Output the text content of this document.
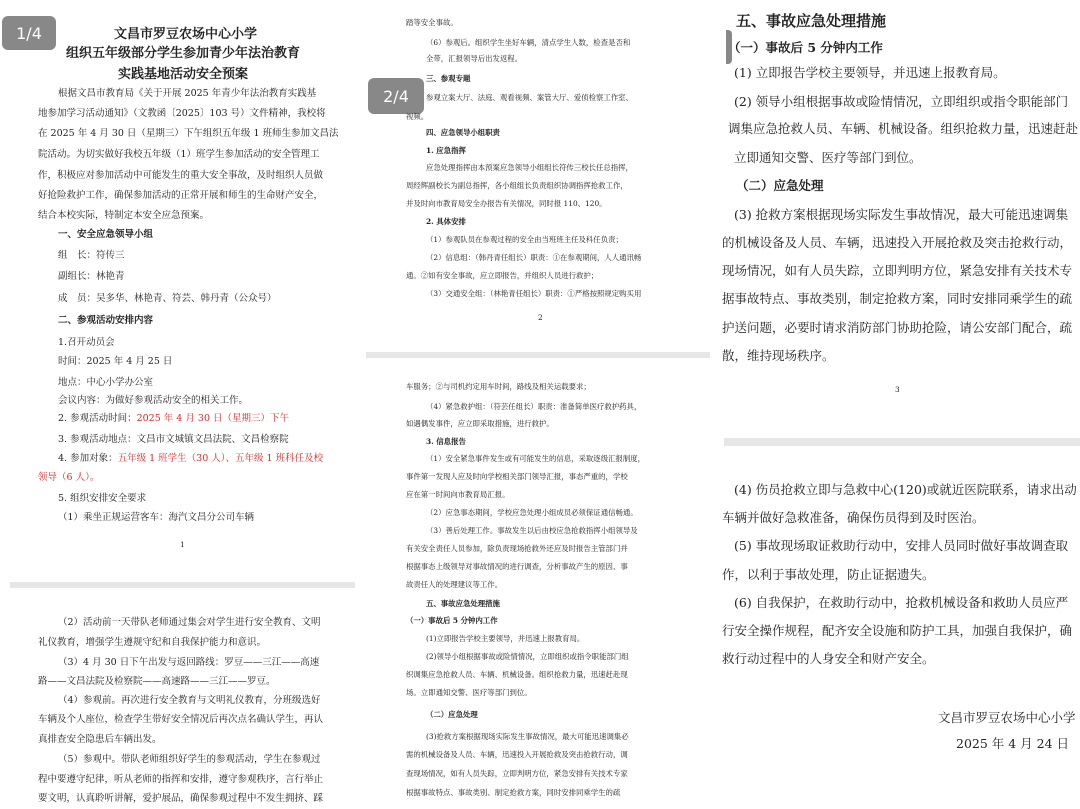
1/4	文昌市罗豆农场中心小学

组织五年级部分学生参加青少年法治教育

实践基地活动安全预案

根据文昌市教育局《关于开展 2025 年青少年法治教育实践基

地参加学习活动通知》（文教函〔2025〕103 号）文件精神，我校将

在 2025 年 4 月 30 日（星期三）下午组织五年级 1 班师生参加文昌法

院活动。为切实做好我校五年级（1）班学生参加活动的安全管理工

作，积极应对参加活动中可能发生的重大安全事故，及时组织人员做

好抢险救护工作，确保参加活动的正常开展和师生的生命财产安全，

结合本校实际，特制定本安全应急预案。

一、安全应急领导小组

组　长：符传三

副组长：林艳青

成　员：吴多华、林艳青、符芸、韩丹青（公众号）

二、参观活动安排内容

1.召开动员会

时间：2025 年 4 月 25 日

地点：中心小学办公室

会议内容：为做好参观活动安全的相关工作。

2. 参观活动时间：2025 年 4 月 30 日（星期三）下午

3. 参观活动地点：文昌市文城镇文昌法院、文昌检察院

4. 参加对象：五年级 1 班学生（30 人）、五年级 1 班科任及校

领导（6 人）。

5. 组织安排安全要求

（1）乘坐正规运营客车：海汽文昌分公司车辆

1

（2）活动前一天带队老师通过集会对学生进行安全教育、文明

礼仪教育，增强学生遵规守纪和自我保护能力和意识。

（3）4 月 30 日下午出发与返回路线：罗豆——三江——高速

路——文昌法院及检察院——高速路——三江——罗豆。

（4）参观前。再次进行安全教育与文明礼仪教育，分班级选好

车辆及个人座位，检查学生带好安全情况后再次点名确认学生，再认

真排查安全隐患后车辆出发。

（5）参观中。带队老师组织好学生的参观活动，学生在参观过

程中要遵守纪律，听从老师的指挥和安排，遵守参观秩序，言行举止

要文明，认真聆听讲解，爱护展品，确保参观过程中不发生拥挤、踩

2/4

踏等安全事故。

（6）参观后。组织学生坐好车辆，清点学生人数，检查是否和

全带，汇报领导后出发返程。

三、参观专题

参观立案大厅、法庭、观看视频、案管大厅、爱侦检察工作室、

视频。

四、应急领导小组职责

1. 应急指挥

应急处理指挥由本预案应急领导小组组长符传三校长任总指挥，

周经辉副校长为副总指挥，各小组组长负责组织协调指挥抢救工作，

并及时向市教育局安全办报告有关情况，同时报 110、120。

2. 具体安排

（1）参观队员在参观过程的安全由当班班主任及科任负责；

（2）信息组：（韩丹青任组长）职责：①在参观期间，人人通讯畅

通。②如有安全事故，应立即报告，并组织人员进行救护；

（3）交通安全组：（林艳青任组长）职责：①严格按照规定购买用

2

车服务；②与司机约定用车时间，路线及相关运载要求；

（4）紧急救护组：（符芸任组长）职责：准备简单医疗救护药具，

如遇偶发事件，应立即采取措施，进行救护。

3. 信息报告

（1）安全紧急事件发生或有可能发生的信息，采取逐级汇报制度，

事件第一发现人应及时向学校相关部门领导汇报，事态严重的，学校

应在第一时间向市教育局汇报。

（2）应急事态期间，学校应急处理小组成员必须保证通信畅通。

（3）善后处理工作。事故发生以后由校应急抢救指挥小组领导及

有关安全责任人员参加，除负责现场抢救外还应及时报告主管部门并

根据事态上级领导对事故情况的进行调查，分析事故产生的原因、事

故责任人的处理建议等工作。

五、事故应急处理措施

（一）事故后 5 分钟内工作

(1)立即报告学校主要领导，并迅速上报教育局。

(2)领导小组根据事故或险情情况，立即组织或指令职能部门组

织调集应急抢救人员、车辆、机械设备。组织抢救力量，迅速赶赴现

场。立即通知交警、医疗等部门到位。

（二）应急处理

(3)抢救方案根据现场实际发生事故情况，最大可能迅速调集必

需的机械设备及人员、车辆，迅速投入开展抢救及突击抢救行动，调

查现场情况，如有人员失踪，立即判明方位，紧急安排有关技术专家

根据事故特点、事故类别、制定抢救方案，同时安排同乘学生的疏

五、事故应急处理措施

（一）事故后 5 分钟内工作

(1) 立即报告学校主要领导，并迅速上报教育局。

(2) 领导小组根据事故或险情情况，立即组织或指令职能部门

调集应急抢救人员、车辆、机械设备。组织抢救力量，迅速赶赴

立即通知交警、医疗等部门到位。

（二）应急处理

(3) 抢救方案根据现场实际发生事故情况，最大可能迅速调集

的机械设备及人员、车辆，迅速投入开展抢救及突击抢救行动，

现场情况，如有人员失踪，立即判明方位，紧急安排有关技术专

据事故特点、事故类别，制定抢救方案，同时安排同乘学生的疏

护送问题，必要时请求消防部门协助抢险，请公安部门配合，疏

散，维持现场秩序。

3

(4) 伤员抢救立即与急救中心(120)或就近医院联系，请求出动

车辆并做好急救准备，确保伤员得到及时医治。

(5) 事故现场取证救助行动中，安排人员同时做好事故调查取

作，以利于事故处理，防止证据遗失。

(6) 自我保护，在救助行动中，抢救机械设备和救助人员应严

行安全操作规程，配齐安全设施和防护工具，加强自我保护，确

救行动过程中的人身安全和财产安全。

文昌市罗豆农场中心小学

2025 年 4 月 24 日
